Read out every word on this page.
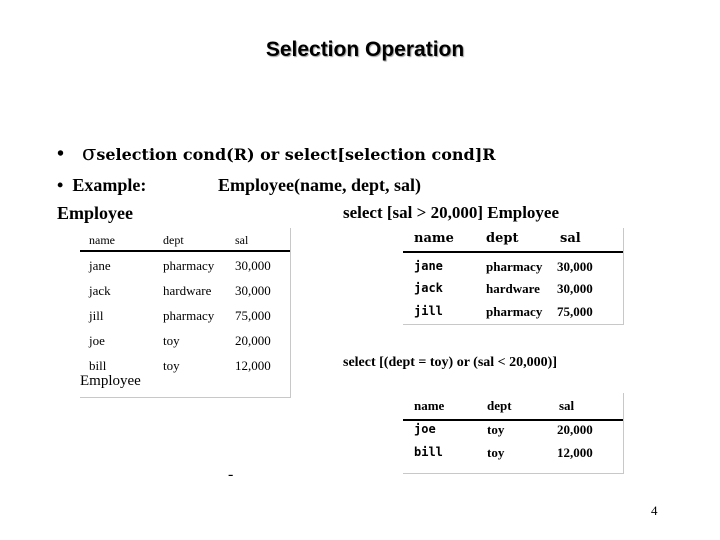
Selection Operation
• σselection cond(R) or select[selection cond]R
• Example:	Employee(name, dept, sal)
Employee	select [sal > 20,000] Employee
name	dept	sal
jane	pharmacy 30,000
jack	hardware 30,000
jill	pharmacy 75,000
joe	toy	20,000
bill	toy	12,000
Employee
name dept	sal
jane	pharmacy 30,000
jack	hardware 30,000
jill	pharmacy 75,000
select [(dept = toy) or (sal < 20,000)]
name	dept	sal
joe	toy	20,000
bill	toy	12,000
-
4
